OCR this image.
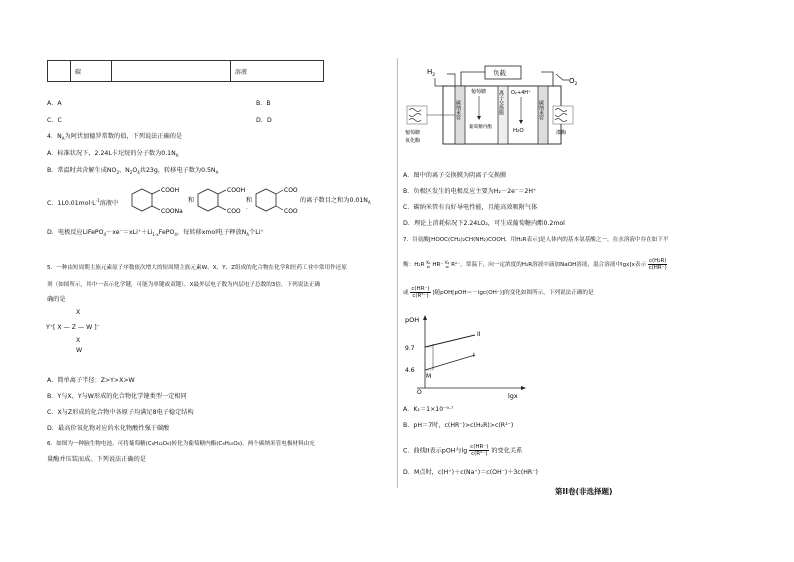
	碳		溶液
A．A	B．B
C．C	D．D
4．$N_A$为阿伏加德罗常数的值，下列说法正确的是
A．标准状况下，2.24L卡坨烷的分子数为$0.1N_A$
B．常温时共含解生成$NO_2$、$N_2O_4$共23g，转移电子数为$0.5N_A$
C．$1L0.01mol\cdot L^{-1}$溶液中
COOH
COONa
和
COOH
COO -
和
COO
COO
的离子数目之和为$0.01N_A$
D．电极反应$LiFePO_4-xe^-=xLi^++Li_{1-x}FePO_4$，每转移xmol电子释放$N_A$个Li⁺
5．一种由短周期主族元素原子序数依次增大的短周期主族元素W、X、Y、Z组成的化合物在化学和医药工业中常用作还原
剂（如图所示，其中一表示化学键，可能为单键或双键）。X最外层电子数为内层电子总数的3倍，下列说法正确
确的是
X
Y⁺[ X — Z — W ]⁻
X
W
A．简单离子半径：Z>Y>X>W
B．Y与X、Y与W形成的化合物化学键类型一定相同
C．X与Z形成的化合物中各原子均满足8电子稳定结构
D．最高价氧化物对应的水化物酸性强于碳酸
6．如图为一种脑生物电池，可将葡萄糖(C₆H₁₂O₆)转化为葡萄糖内酯(C₆H₁₀O₆)，两个碳纳米管电极材料由充
量酶并压装而成。下列说法正确的是
负载
$H_2$
$O_2$
碳纳米管	离子交换膜	碳纳米管
葡萄糖
葡萄糖内酯
O₂+4H⁺
H₂O
葡萄糖
氧化酶
漆酶
A．图中的离子交换膜为阴离子交换膜
B．负极区发生的电极反应主要为H₂－2e⁻＝2H⁺
C．碳纳米管有良好导电性能，且能高效吸附气体
D．理论上消耗标况下2.24LO₂，可生成葡萄糖内酯0.2mol
7．谷氨酸[HOOC(CH₂)₂CH(NH₂)COOH，用H₂R表示]是人体内的基本氨基酸之一，在水溶液中存在如下平
衡：H₂R K₁
⇌ HR⁻ K₂
⇌ R²⁻。常温下，向一定浓度的H₂R溶液中滴加NaOH溶液，混合溶液中lgx[x表示 $\frac{\text{c(H₂R)}}{c(HR^-)}$
或 $\frac{c(HR^-)}{\text{c(R²⁻)}}$ ]随pOH[pOH＝－lgc(OH⁻)]的变化如图所示。下列说法正确的是
pOH
lgx
9.7
4.6
O
II
I
M
A．K₁＝1×10⁻⁹·⁷
B．pH＝7时，c(HR⁻)>c(H₂R)>c(R²⁻)
C．曲线II表示pOH与$\lg \frac{c(HR^-)}{\text{c(R²⁻)}}$ 的变化关系
D．M点时，c(H⁺)＋c(Na⁺)＝c(OH⁻)＋3c(HR⁻)
第II卷(非选择题)
